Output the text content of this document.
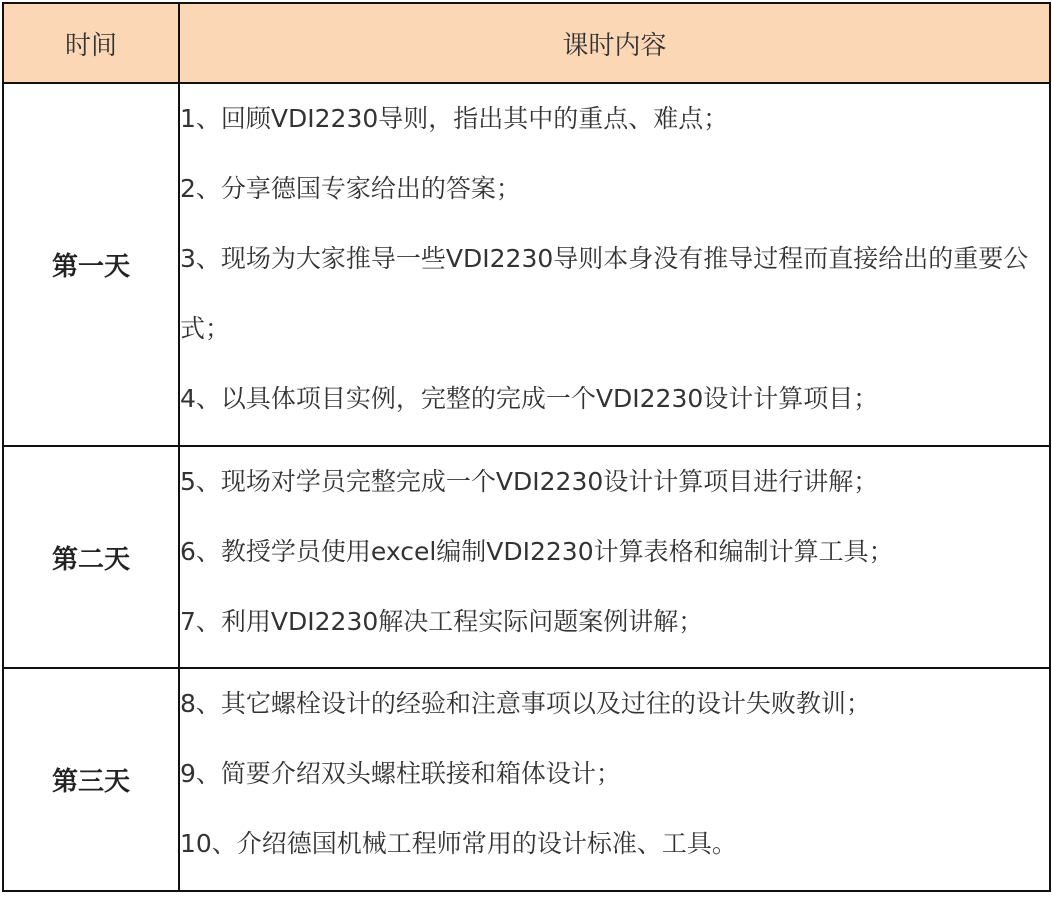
时间	课时内容
第一天	1、回顾VDI2230导则，指出其中的重点、难点；
2、分享德国专家给出的答案；
3、现场为大家推导一些VDI2230导则本身没有推导过程而直接给出的重要公式；
4、以具体项目实例，完整的完成一个VDI2230设计计算项目；

第二天	5、现场对学员完整完成一个VDI2230设计计算项目进行讲解；
6、教授学员使用excel编制VDI2230计算表格和编制计算工具；
7、利用VDI2230解决工程实际问题案例讲解；

第三天	8、其它螺栓设计的经验和注意事项以及过往的设计失败教训；
9、简要介绍双头螺柱联接和箱体设计；
10、介绍德国机械工程师常用的设计标准、工具。
